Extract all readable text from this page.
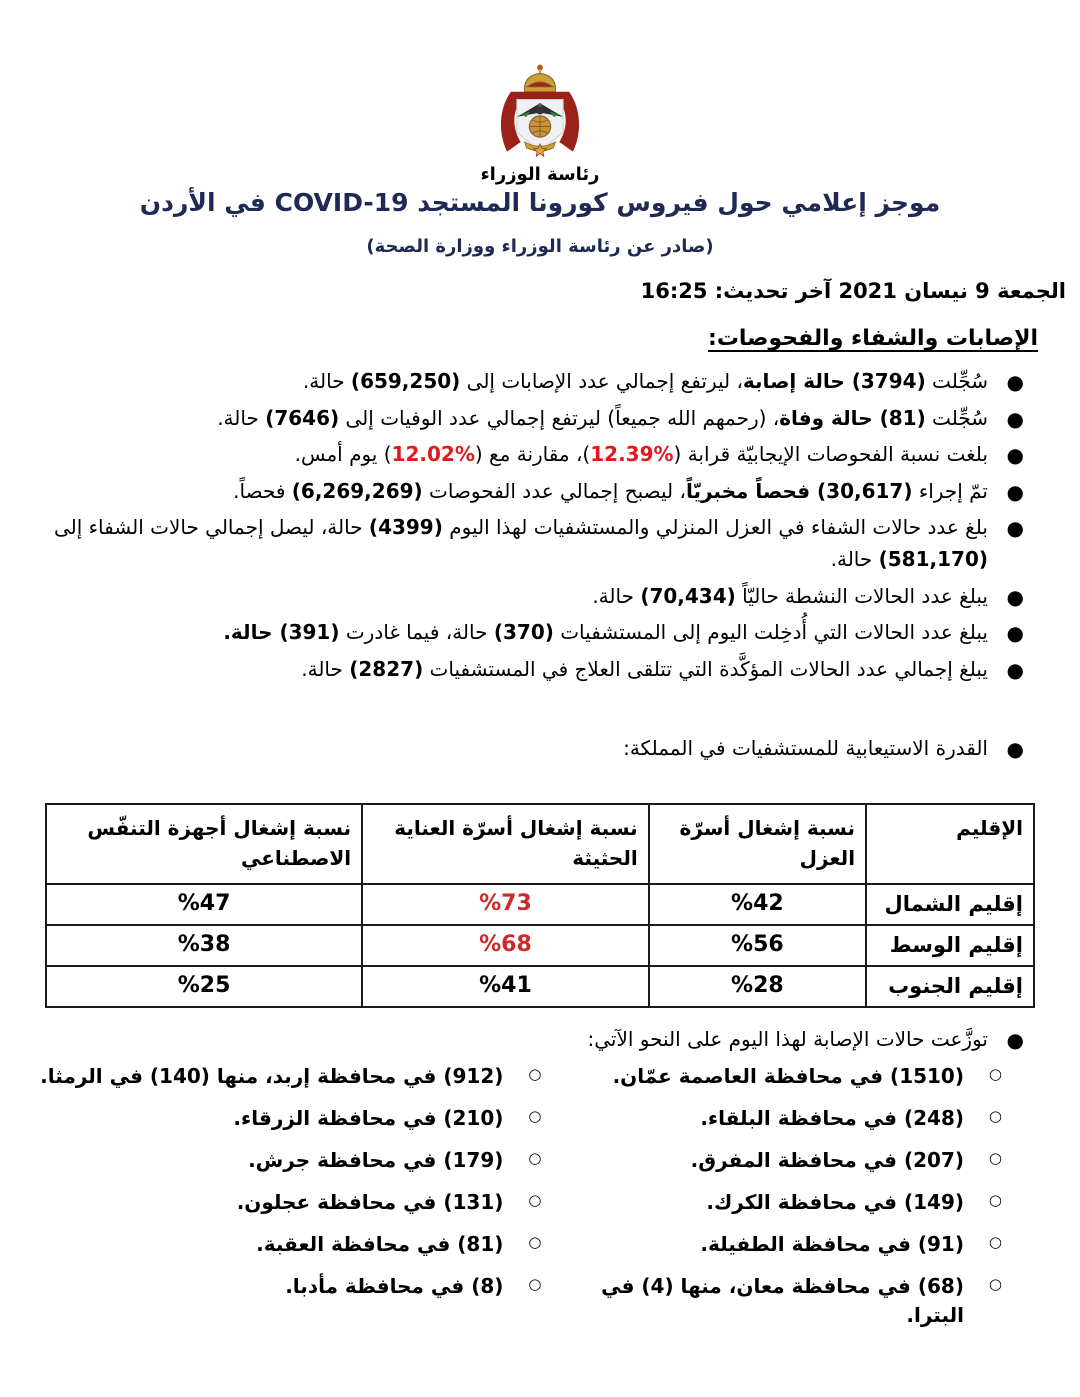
رئاسة الوزراء
موجز إعلامي حول فيروس كورونا المستجد COVID-19 في الأردن
(صادر عن رئاسة الوزراء ووزارة الصحة)
الجمعة 9 نيسان 2021 آخر تحديث: 16:25
الإصابات والشفاء والفحوصات:
●
سُجِّلت (3794) حالة إصابة، ليرتفع إجمالي عدد الإصابات إلى (659,250) حالة.
●
سُجِّلت (81) حالة وفاة، (رحمهم الله جميعاً) ليرتفع إجمالي عدد الوفيات إلى (7646) حالة.
●
بلغت نسبة الفحوصات الإيجابيّة قرابة (%12.39)، مقارنة مع (%12.02) يوم أمس.
●
تمّ إجراء (30,617) فحصاً مخبريّاً، ليصبح إجمالي عدد الفحوصات (6,269,269) فحصاً.
●
بلغ عدد حالات الشفاء في العزل المنزلي والمستشفيات لهذا اليوم (4399) حالة، ليصل إجمالي حالات الشفاء إلى (581,170) حالة.
●
يبلغ عدد الحالات النشطة حاليّاً (70,434) حالة.
●
يبلغ عدد الحالات التي أُدخِلت اليوم إلى المستشفيات (370) حالة، فيما غادرت (391) حالة.
●
يبلغ إجمالي عدد الحالات المؤكَّدة التي تتلقى العلاج في المستشفيات (2827) حالة.
●
القدرة الاستيعابية للمستشفيات في المملكة:
الإقليم	نسبة إشغال أسرّة العزل	نسبة إشغال أسرّة العناية الحثيثة	نسبة إشغال أجهزة التنفّس الاصطناعي
إقليم الشمال	%42	%73	%47
إقليم الوسط	%56	%68	%38
إقليم الجنوب	%28	%41	%25
●
توزَّعت حالات الإصابة لهذا اليوم على النحو الآتي:
○
(1510) في محافظة العاصمة عمّان.
○
(248) في محافظة البلقاء.
○
(207) في محافظة المفرق.
○
(149) في محافظة الكرك.
○
(91) في محافظة الطفيلة.
○
(68) في محافظة معان، منها (4) في البترا.
○
(912) في محافظة إربد، منها (140) في الرمثا.
○
(210) في محافظة الزرقاء.
○
(179) في محافظة جرش.
○
(131) في محافظة عجلون.
○
(81) في محافظة العقبة.
○
(8) في محافظة مأدبا.
